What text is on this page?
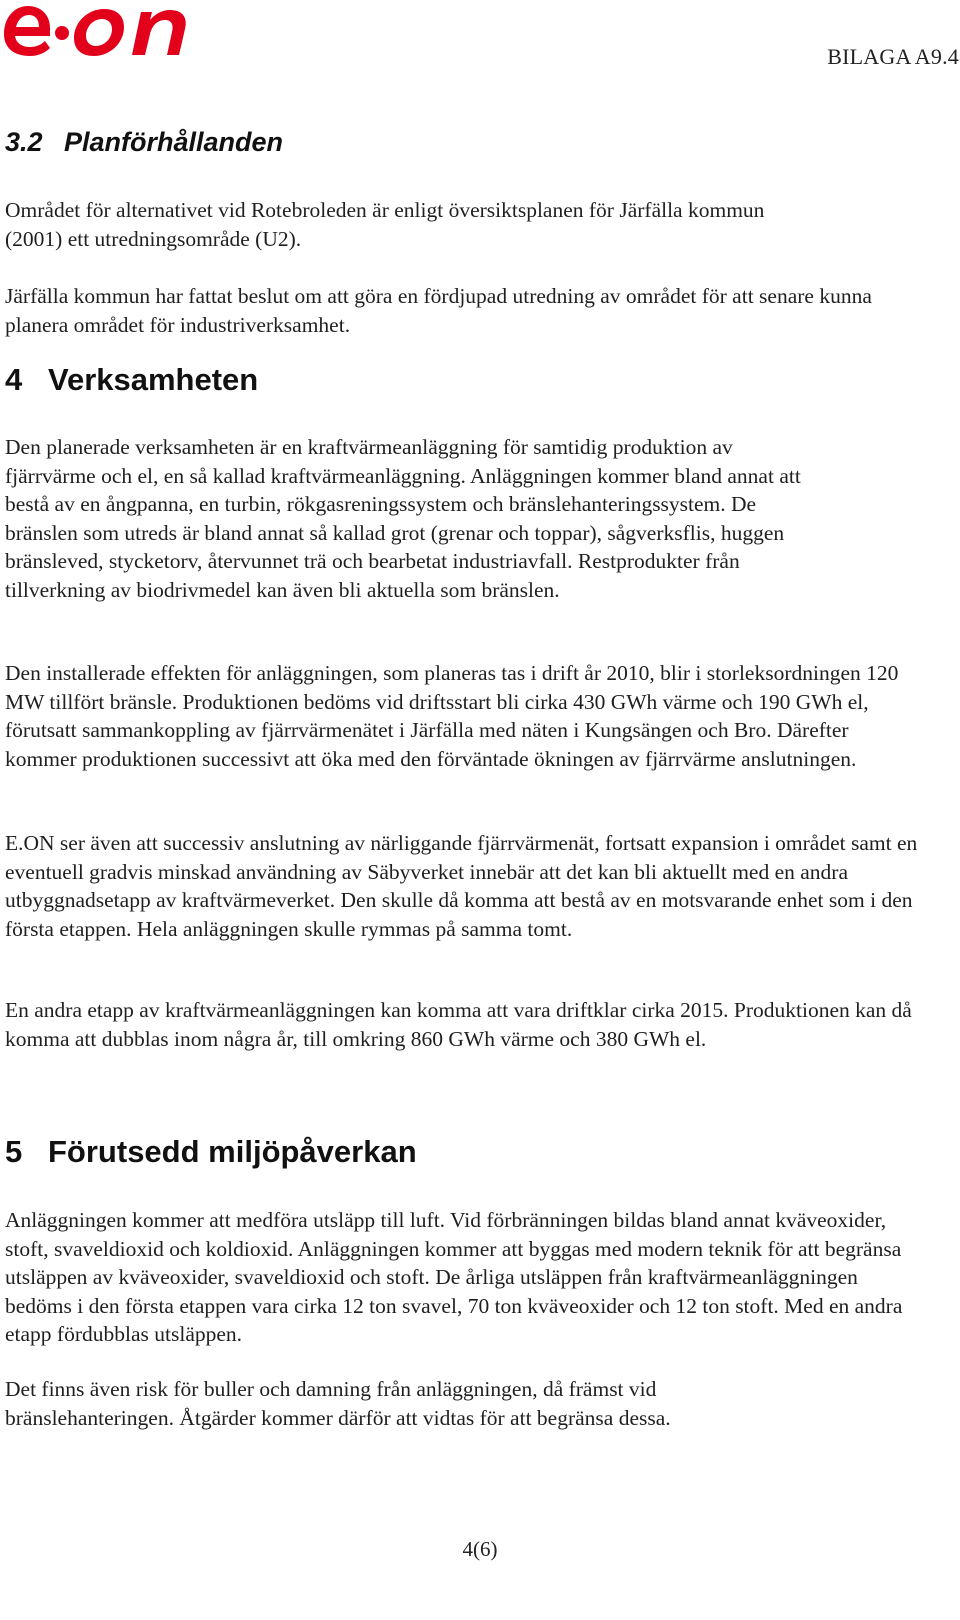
BILAGA A9.4
3.2 Planförhållanden

Området för alternativet vid Rotebroleden är enligt översiktsplanen för Järfälla kommun (2001) ett utredningsområde (U2).

Järfälla kommun har fattat beslut om att göra en fördjupad utredning av området för att senare kunna planera området för industriverksamhet.

4 Verksamheten

Den planerade verksamheten är en kraftvärmeanläggning för samtidig produktion av fjärrvärme och el, en så kallad kraftvärmeanläggning. Anläggningen kommer bland annat att bestå av en ångpanna, en turbin, rökgasreningssystem och bränslehanteringssystem. De bränslen som utreds är bland annat så kallad grot (grenar och toppar), sågverksflis, huggen bränsleved, stycketorv, återvunnet trä och bearbetat industriavfall. Restprodukter från tillverkning av biodrivmedel kan även bli aktuella som bränslen.

Den installerade effekten för anläggningen, som planeras tas i drift år 2010, blir i storleksordningen 120 MW tillfört bränsle. Produktionen bedöms vid driftsstart bli cirka 430 GWh värme och 190 GWh el, förutsatt sammankoppling av fjärrvärmenätet i Järfälla med näten i Kungsängen och Bro. Därefter kommer produktionen successivt att öka med den förväntade ökningen av fjärrvärme anslutningen.

E.ON ser även att successiv anslutning av närliggande fjärrvärmenät, fortsatt expansion i området samt en eventuell gradvis minskad användning av Säbyverket innebär att det kan bli aktuellt med en andra utbyggnadsetapp av kraftvärmeverket. Den skulle då komma att bestå av en motsvarande enhet som i den första etappen. Hela anläggningen skulle rymmas på samma tomt.

En andra etapp av kraftvärmeanläggningen kan komma att vara driftklar cirka 2015. Produktionen kan då komma att dubblas inom några år, till omkring 860 GWh värme och 380 GWh el.

5 Förutsedd miljöpåverkan

Anläggningen kommer att medföra utsläpp till luft. Vid förbränningen bildas bland annat kväveoxider, stoft, svaveldioxid och koldioxid. Anläggningen kommer att byggas med modern teknik för att begränsa utsläppen av kväveoxider, svaveldioxid och stoft. De årliga utsläppen från kraftvärmeanläggningen bedöms i den första etappen vara cirka 12 ton svavel, 70 ton kväveoxider och 12 ton stoft. Med en andra etapp fördubblas utsläppen.

Det finns även risk för buller och damning från anläggningen, då främst vid bränslehanteringen. Åtgärder kommer därför att vidtas för att begränsa dessa.

4(6)
